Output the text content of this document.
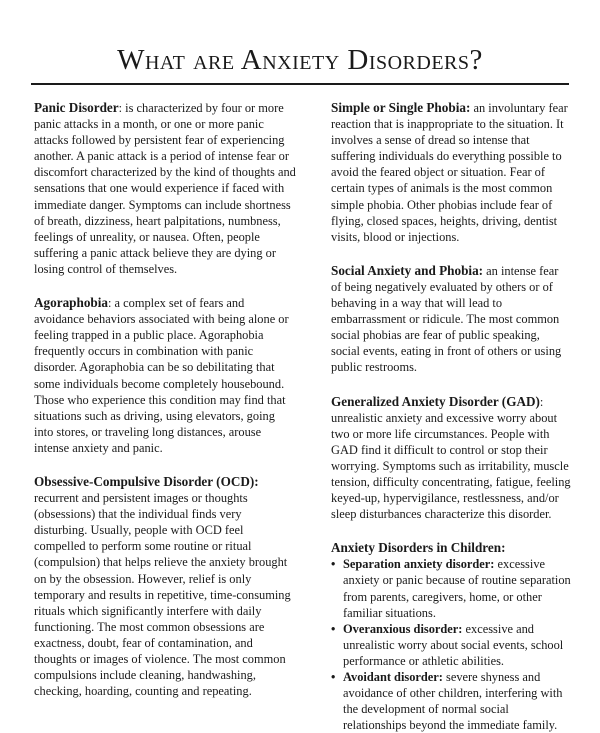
What are Anxiety Disorders?

Panic Disorder: is characterized by four or more panic attacks in a month, or one or more panic attacks followed by persistent fear of experiencing another. A panic attack is a period of intense fear or discomfort characterized by the kind of thoughts and sensations that one would experience if faced with immediate danger. Symptoms can include shortness of breath, dizziness, heart palpitations, numbness, feelings of unreality, or nausea. Often, people suffering a panic attack believe they are dying or losing control of themselves.

Agoraphobia: a complex set of fears and avoidance behaviors associated with being alone or feeling trapped in a public place. Agoraphobia frequently occurs in combination with panic disorder. Agoraphobia can be so debilitating that some individuals become completely housebound. Those who experience this condition may find that situations such as driving, using elevators, going into stores, or traveling long distances, arouse intense anxiety and panic.

Obsessive-Compulsive Disorder (OCD): recurrent and persistent images or thoughts (obsessions) that the individual finds very disturbing. Usually, people with OCD feel compelled to perform some routine or ritual (compulsion) that helps relieve the anxiety brought on by the obsession. However, relief is only temporary and results in repetitive, time-consuming rituals which significantly interfere with daily functioning. The most common obsessions are exactness, doubt, fear of contamination, and thoughts or images of violence. The most common compulsions include cleaning, handwashing, checking, hoarding, counting and repeating.

Simple or Single Phobia: an involuntary fear reaction that is inappropriate to the situation. It involves a sense of dread so intense that suffering individuals do everything possible to avoid the feared object or situation. Fear of certain types of animals is the most common simple phobia. Other phobias include fear of flying, closed spaces, heights, driving, dentist visits, blood or injections.

Social Anxiety and Phobia: an intense fear of being negatively evaluated by others or of behaving in a way that will lead to embarrassment or ridicule. The most common social phobias are fear of public speaking, social events, eating in front of others or using public restrooms.

Generalized Anxiety Disorder (GAD): unrealistic anxiety and excessive worry about two or more life circumstances. People with GAD find it difficult to control or stop their worrying. Symptoms such as irritability, muscle tension, difficulty concentrating, fatigue, feeling keyed-up, hypervigilance, restlessness, and/or sleep disturbances characterize this disorder.

Anxiety Disorders in Children:
• Separation anxiety disorder: excessive anxiety or panic because of routine separation from parents, caregivers, home, or other familiar situations.
• Overanxious disorder: excessive and unrealistic worry about social events, school performance or athletic abilities.
• Avoidant disorder: severe shyness and avoidance of other children, interfering with the development of normal social relationships beyond the immediate family.
